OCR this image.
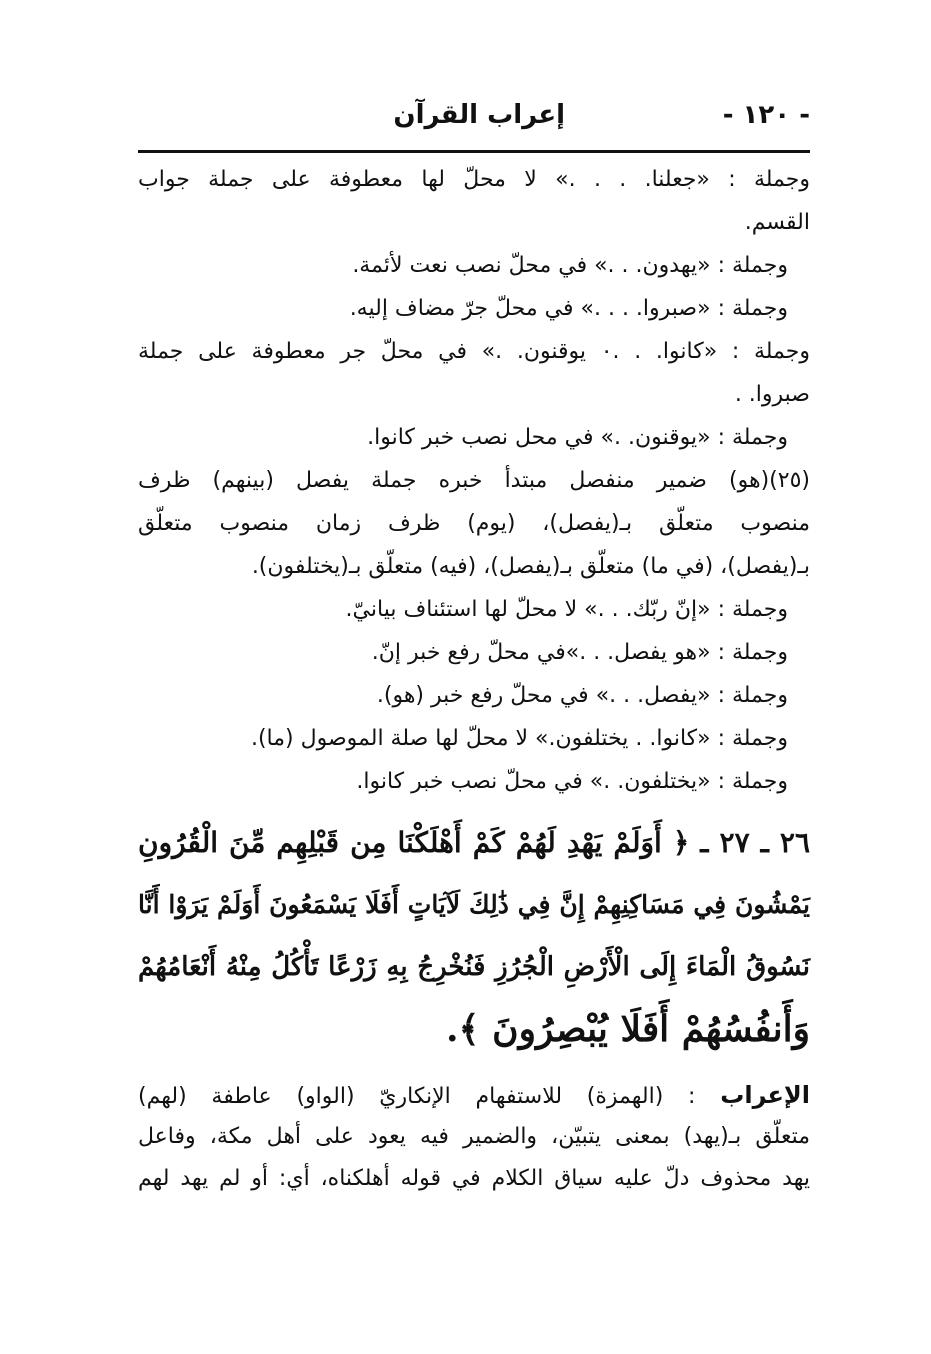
- ١٢٠ -
إعراب القرآن
وجملة : «جعلنا. . . .» لا محلّ لها معطوفة على جملة جواب
القسم.
وجملة : «يهدون. . .» في محلّ نصب نعت لأئمة.
وجملة : «صبروا. . . .» في محلّ جرّ مضاف إليه.
وجملة : «كانوا. . .٠ يوقنون. .» في محلّ جر معطوفة على جملة
صبروا. .
وجملة : «يوقنون. .» في محل نصب خبر كانوا.
(٢٥)(هو) ضمير منفصل مبتدأ خبره جملة يفصل (بينهم) ظرف
منصوب متعلّق بـ(يفصل)، (يوم) ظرف زمان منصوب متعلّق
بـ(يفصل)، (في ما) متعلّق بـ(يفصل)، (فيه) متعلّق بـ(يختلفون).
وجملة : «إنّ ربّك. . .» لا محلّ لها استئناف بيانيّ.
وجملة : «هو يفصل. . .»في محلّ رفع خبر إنّ.
وجملة : «يفصل. . .» في محلّ رفع خبر (هو).
وجملة : «كانوا. . يختلفون.» لا محلّ لها صلة الموصول (ما).
وجملة : «يختلفون. .» في محلّ نصب خبر كانوا.
٢٦ ـ ٢٧ ـ ﴿ أَوَلَمْ يَهْدِ لَهُمْ كَمْ أَهْلَكْنَا مِن قَبْلِهِم مِّنَ الْقُرُونِ
يَمْشُونَ فِي مَسَاكِنِهِمْ إِنَّ فِي ذَٰلِكَ لَآيَاتٍ أَفَلَا يَسْمَعُونَ أَوَلَمْ يَرَوْا أَنَّا
نَسُوقُ الْمَاءَ إِلَى الْأَرْضِ الْجُرُزِ فَنُخْرِجُ بِهِ زَرْعًا تَأْكُلُ مِنْهُ أَنْعَامُهُمْ
وَأَنفُسُهُمْ أَفَلَا يُبْصِرُونَ ﴾.
الإعراب : (الهمزة) للاستفهام الإنكاريّ (الواو) عاطفة (لهم)
متعلّق بـ(يهد) بمعنى يتبيّن، والضمير فيه يعود على أهل مكة، وفاعل
يهد محذوف دلّ عليه سياق الكلام في قوله أهلكناه، أي: أو لم يهد لهم
